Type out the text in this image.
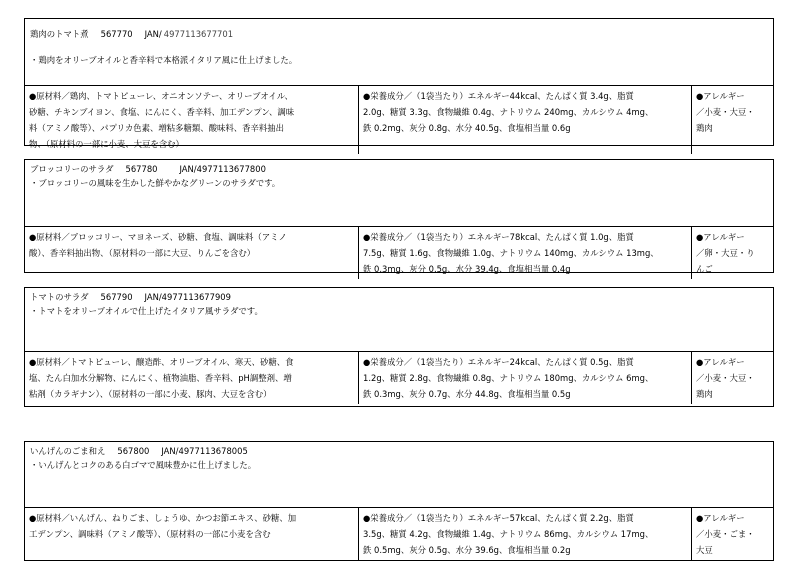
鶏肉のトマト煮 567770 JAN/ 4977113677701
・鶏肉をオリーブオイルと香辛料で本格派イタリア風に仕上げました。
●原材料／鶏肉、トマトピューレ、オニオンソテー、オリーブオイル、
砂糖、チキンブイヨン、食塩、にんにく、香辛料、加工デンプン、調味
料（アミノ酸等）、パプリカ色素、増粘多糖類、酸味料、香辛料抽出
物、（原材料の一部に小麦、大豆を含む）
●栄養成分／（1袋当たり）エネルギー44kcal、たんぱく質 3.4g、脂質
2.0g、糖質 3.3g、食物繊維 0.4g、ナトリウム 240mg、カルシウム 4mg、
鉄 0.2mg、灰分 0.8g、水分 40.5g、食塩相当量 0.6g
●アレルギー
／小麦・大豆・
鶏肉
ブロッコリーのサラダ 567780	JAN/4977113677800
・ブロッコリーの風味を生かした鮮やかなグリーンのサラダです。
●原材料／ブロッコリー、マヨネーズ、砂糖、食塩、調味料（アミノ
酸）、香辛料抽出物、（原材料の一部に大豆、りんごを含む）
●栄養成分／（1袋当たり）エネルギー78kcal、たんぱく質 1.0g、脂質
7.5g、糖質 1.6g、食物繊維 1.0g、ナトリウム 140mg、カルシウム 13mg、
鉄 0.3mg、灰分 0.5g、水分 39.4g、食塩相当量 0.4g
●アレルギー
／卵・大豆・り
んご
トマトのサラダ 567790 JAN/4977113677909
・トマトをオリーブオイルで仕上げたイタリア風サラダです。
●原材料／トマトピューレ、醸造酢、オリーブオイル、寒天、砂糖、食
塩、たん白加水分解物、にんにく、植物油脂、香辛料、pH調整剤、増
粘剤（カラギナン）、（原材料の一部に小麦、豚肉、大豆を含む）
●栄養成分／（1袋当たり）エネルギー24kcal、たんぱく質 0.5g、脂質
1.2g、糖質 2.8g、食物繊維 0.8g、ナトリウム 180mg、カルシウム 6mg、
鉄 0.3mg、灰分 0.7g、水分 44.8g、食塩相当量 0.5g
●アレルギー
／小麦・大豆・
鶏肉
いんげんのごま和え 567800 JAN/4977113678005
・いんげんとコクのある白ゴマで風味豊かに仕上げました。
●原材料／いんげん、ねりごま、しょうゆ、かつお節エキス、砂糖、加
工デンプン、調味料（アミノ酸等）、（原材料の一部に小麦を含む
●栄養成分／（1袋当たり）エネルギー57kcal、たんぱく質 2.2g、脂質
3.5g、糖質 4.2g、食物繊維 1.4g、ナトリウム 86mg、カルシウム 17mg、
鉄 0.5mg、灰分 0.5g、水分 39.6g、食塩相当量 0.2g
●アレルギー
／小麦・ごま・
大豆
